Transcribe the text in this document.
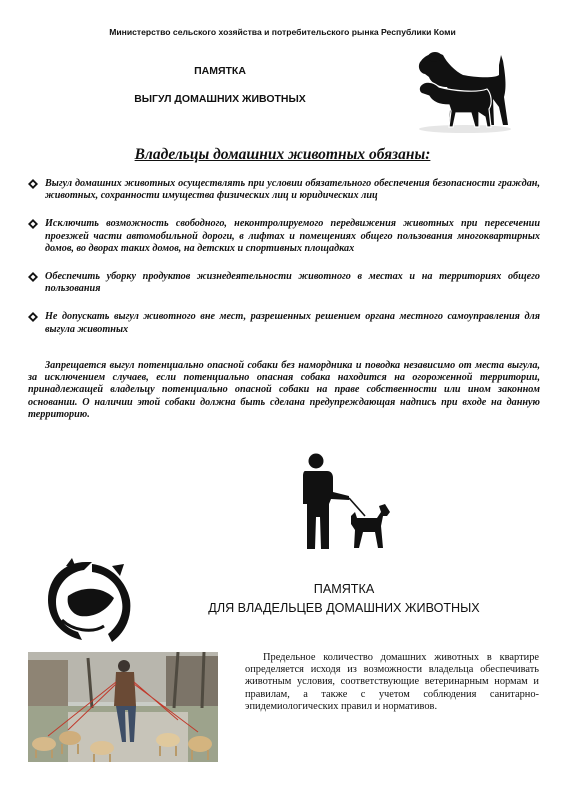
Министерство сельского хозяйства и потребительского рынка Республики Коми
ПАМЯТКА
ВЫГУЛ ДОМАШНИХ ЖИВОТНЫХ
Владельцы домашних животных обязаны:
Выгул домашних животных осуществлять при условии обязательного обеспечения безопасности граждан, животных, сохранности имущества физических лиц и юридических лиц
Исключить возможность свободного, неконтролируемого передвижения животных при пересечении проезжей части автомобильной дороги, в лифтах и помещениях общего пользования многоквартирных домов, во дворах таких домов, на детских и спортивных площадках
Обеспечить уборку продуктов жизнедеятельности животного в местах и на территориях общего пользования
Не допускать выгул животного вне мест, разрешенных решением органа местного самоуправления для выгула животных
Запрещается выгул потенциально опасной собаки без намордника и поводка независимо от места выгула, за исключением случаев, если потенциально опасная собака находится на огороженной территории, принадлежащей владельцу потенциально опасной собаки на праве собственности или ином законном основании. О наличии этой собаки должна быть сделана предупреждающая надпись при входе на данную территорию.
ПАМЯТКА
ДЛЯ ВЛАДЕЛЬЦЕВ ДОМАШНИХ ЖИВОТНЫХ
Предельное количество домашних животных в квартире определяется исходя из возможности владельца обеспечивать животным условия, соответствующие ветеринарным нормам и правилам, а также с учетом соблюдения санитарно-эпидемиологических правил и нормативов.
